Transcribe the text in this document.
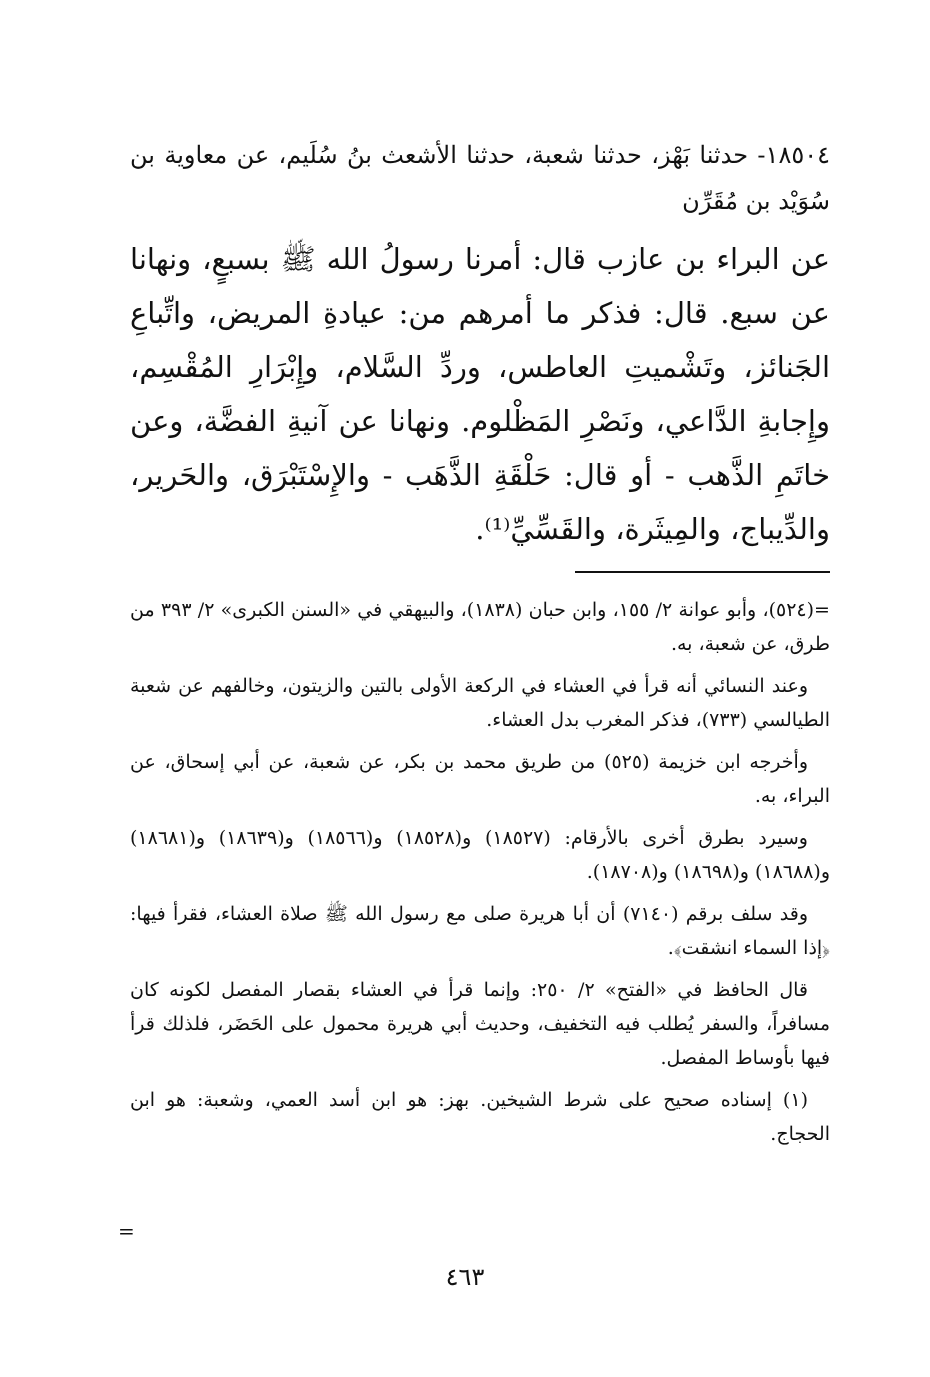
١٨٥٠٤- حدثنا بَهْز، حدثنا شعبة، حدثنا الأشعث بنُ سُلَيم، عن معاوية بن سُوَيْد بن مُقَرِّن
عن البراء بن عازب قال: أمرنا رسولُ الله ﷺ بسبعٍ، ونهانا عن سبع. قال: فذكر ما أمرهم من: عيادةِ المريض، واتِّباعِ الجَنائز، وتَشْميتِ العاطس، وردِّ السَّلام، وإِبْرَارِ المُقْسِم، وإِجابةِ الدَّاعي، ونَصْرِ المَظْلوم. ونهانا عن آنيةِ الفضَّة، وعن خاتَمِ الذَّهب - أو قال: حَلْقَةِ الذَّهَب - والإِسْتَبْرَق، والحَرير، والدِّيباج، والمِيثَرة، والقَسِّيِّ⁽¹⁾.

=(٥٢٤)، وأبو عوانة ٢/ ١٥٥، وابن حبان (١٨٣٨)، والبيهقي في «السنن الكبرى» ٢/ ٣٩٣ من طرق، عن شعبة، به.

وعند النسائي أنه قرأ في العشاء في الركعة الأولى بالتين والزيتون، وخالفهم عن شعبة الطيالسي (٧٣٣)، فذكر المغرب بدل العشاء.

وأخرجه ابن خزيمة (٥٢٥) من طريق محمد بن بكر، عن شعبة، عن أبي إسحاق، عن البراء، به.

وسيرد بطرق أخرى بالأرقام: (١٨٥٢٧) و(١٨٥٢٨) و(١٨٥٦٦) و(١٨٦٣٩) و(١٨٦٨١) و(١٨٦٨٨) و(١٨٦٩٨) و(١٨٧٠٨).

وقد سلف برقم (٧١٤٠) أن أبا هريرة صلى مع رسول الله ﷺ صلاة العشاء، فقرأ فيها: ﴿إذا السماء انشقت﴾.

قال الحافظ في «الفتح» ٢/ ٢٥٠: وإنما قرأ في العشاء بقصار المفصل لكونه كان مسافراً، والسفر يُطلب فيه التخفيف، وحديث أبي هريرة محمول على الحَضَر، فلذلك قرأ فيها بأوساط المفصل.

(١) إسناده صحيح على شرط الشيخين. بهز: هو ابن أسد العمي، وشعبة: هو ابن الحجاج.

=
٤٦٣
